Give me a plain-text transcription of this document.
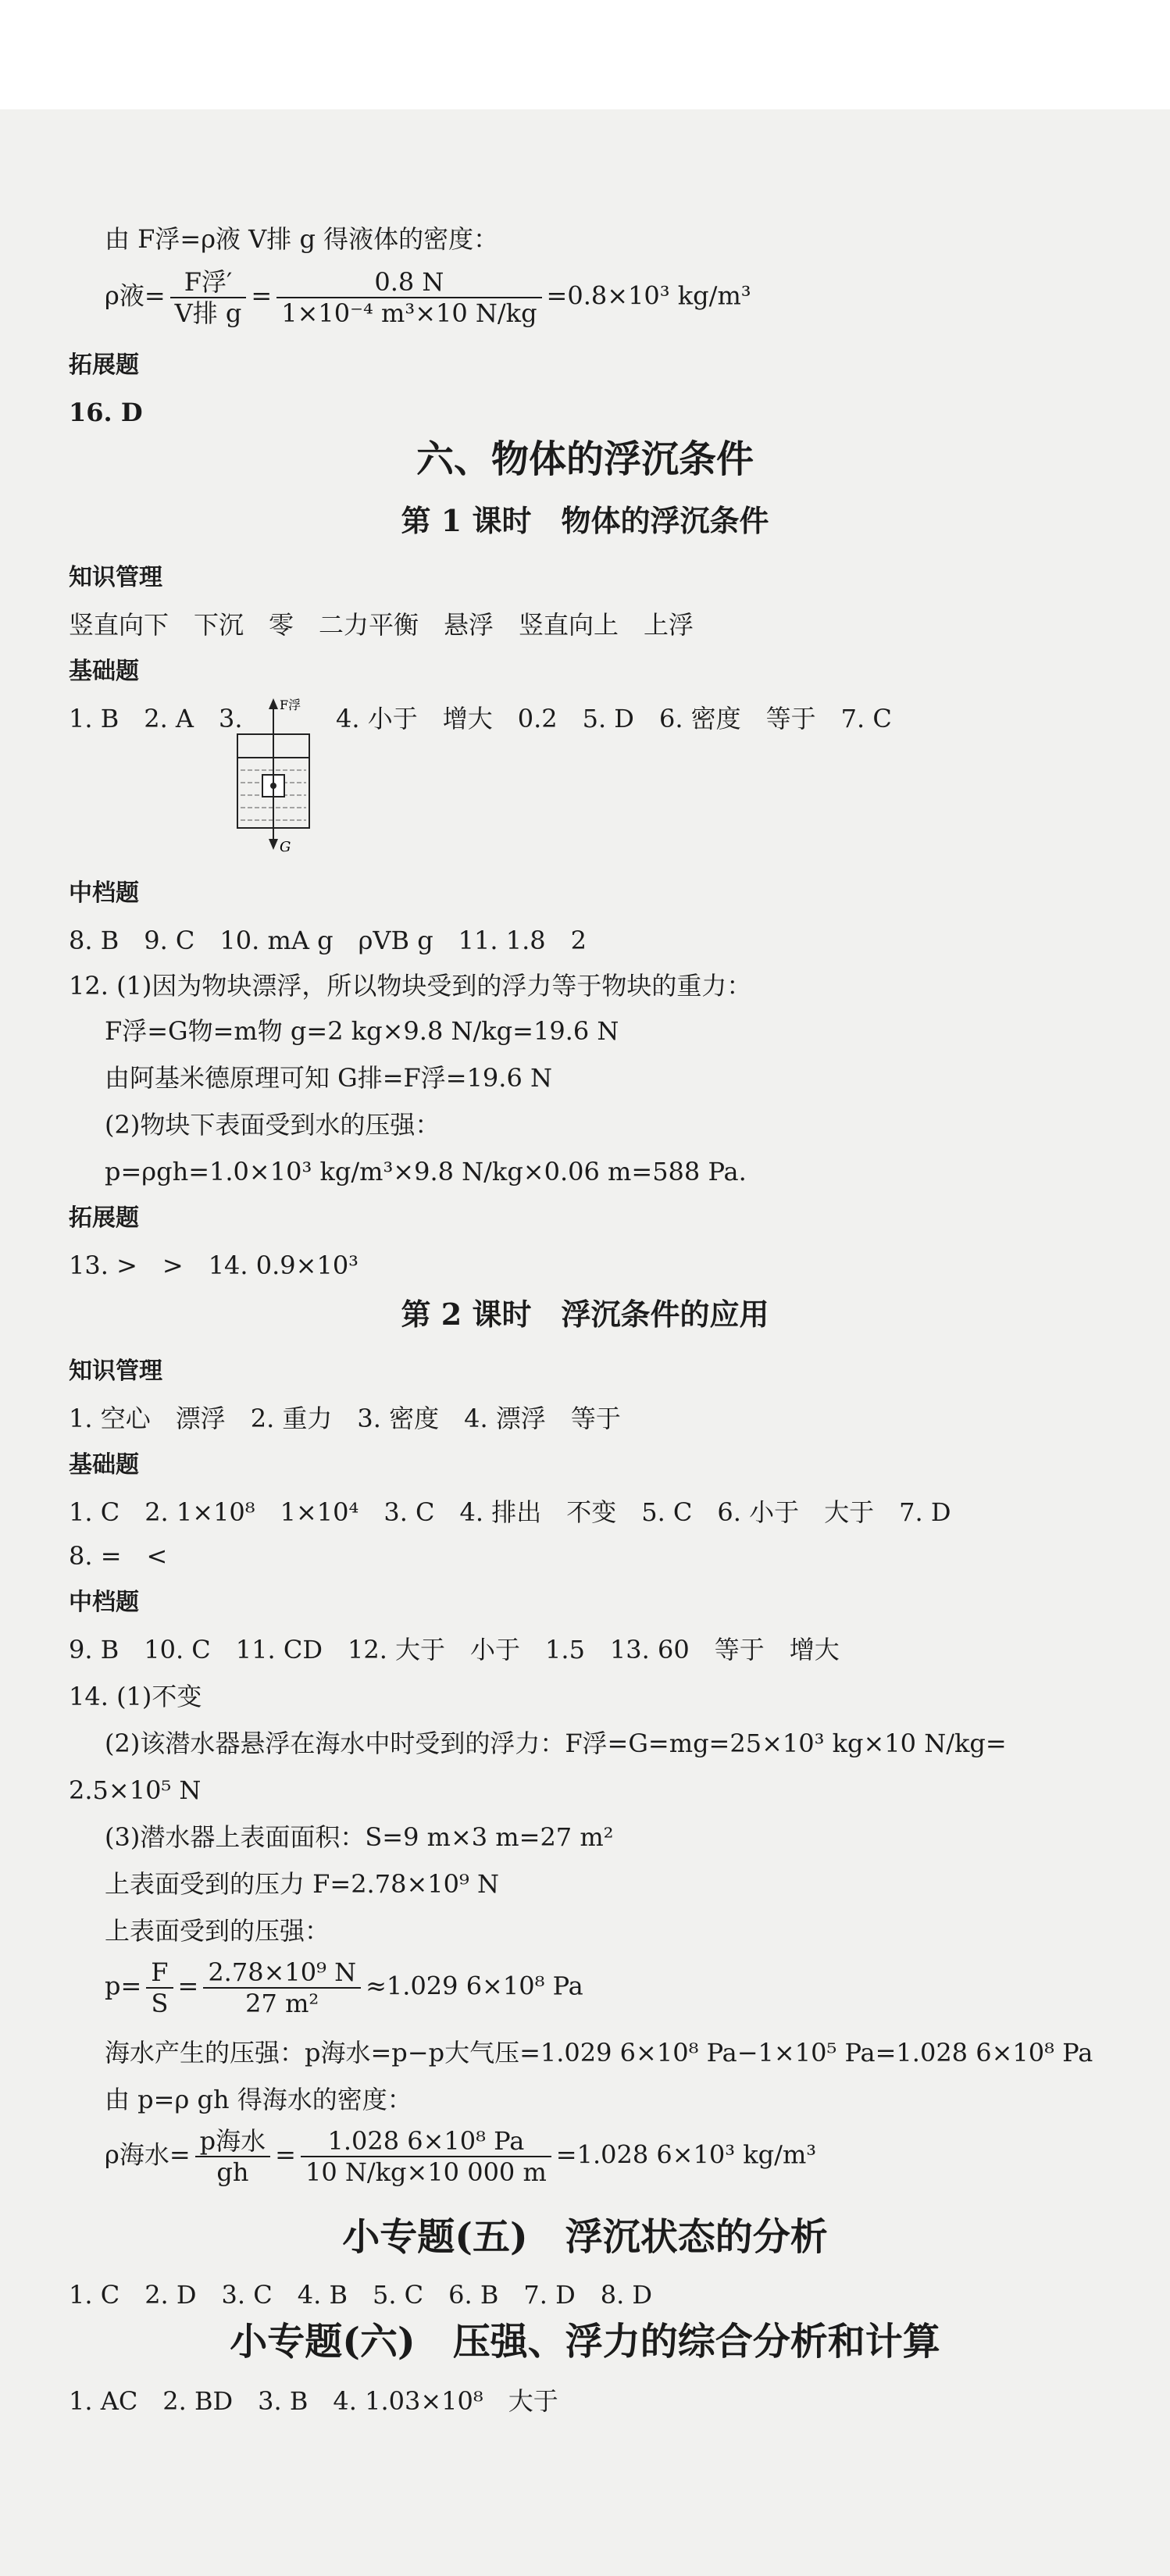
由 F浮=ρ液 V排 g 得液体的密度：
ρ液= $\frac{\text{F浮′}}{\text{V排 g}} = \frac{0.8 N}{\text{1×10⁻⁴ m³×10 N/kg}} =0.8\times 10^3$ kg/m³
拓展题
16. D
六、物体的浮沉条件
第 1 课时　物体的浮沉条件
知识管理
竖直向下　下沉　零　二力平衡　悬浮　竖直向上　上浮
基础题
1. B　2. A　3.	F浮
G
4. 小于　增大　0.2　5. D　6. 密度　等于　7. C
中档题
8. B　9. C　10. mA g　ρVB g　11. 1.8　2
12. (1)因为物块漂浮，所以物块受到的浮力等于物块的重力：
F浮=G物=m物 g=2 kg×9.8 N/kg=19.6 N
由阿基米德原理可知 G排=F浮=19.6 N
(2)物块下表面受到水的压强：
p=ρgh=1.0×10³ kg/m³×9.8 N/kg×0.06 m=588 Pa.
拓展题
13. >　>　14. 0.9×10³
第 2 课时　浮沉条件的应用
知识管理
1. 空心　漂浮　2. 重力　3. 密度　4. 漂浮　等于
基础题
1. C　2. 1×10⁸　1×10⁴　3. C　4. 排出　不变　5. C　6. 小于　大于　7. D
8. =　<
中档题
9. B　10. C　11. CD　12. 大于　小于　1.5　13. 60　等于　增大
14. (1)不变
(2)该潜水器悬浮在海水中时受到的浮力：F浮=G=mg=25×10³ kg×10 N/kg=
2.5×10⁵ N
(3)潜水器上表面面积：S=9 m×3 m=27 m²
上表面受到的压力 F=2.78×10⁹ N
上表面受到的压强：
$p= \frac{F}{S} = \frac{\text{2.78×10⁹ N}}{\text{27 m²}} \approx 1.029$ 6×10⁸ Pa
海水产生的压强：p海水=p−p大气压=1.029 6×10⁸ Pa−1×10⁵ Pa=1.028 6×10⁸ Pa
由 p=ρ gh 得海水的密度：
ρ海水= $\frac{\text{p海水}}{gh} = \frac{\text{1.028 6×10⁸ Pa}}{10 N/kg\times 10 000 m} =1.028$ 6×10³ kg/m³
小专题(五)　浮沉状态的分析
1. C　2. D　3. C　4. B　5. C　6. B　7. D　8. D
小专题(六)　压强、浮力的综合分析和计算
1. AC　2. BD　3. B　4. 1.03×10⁸　大于
